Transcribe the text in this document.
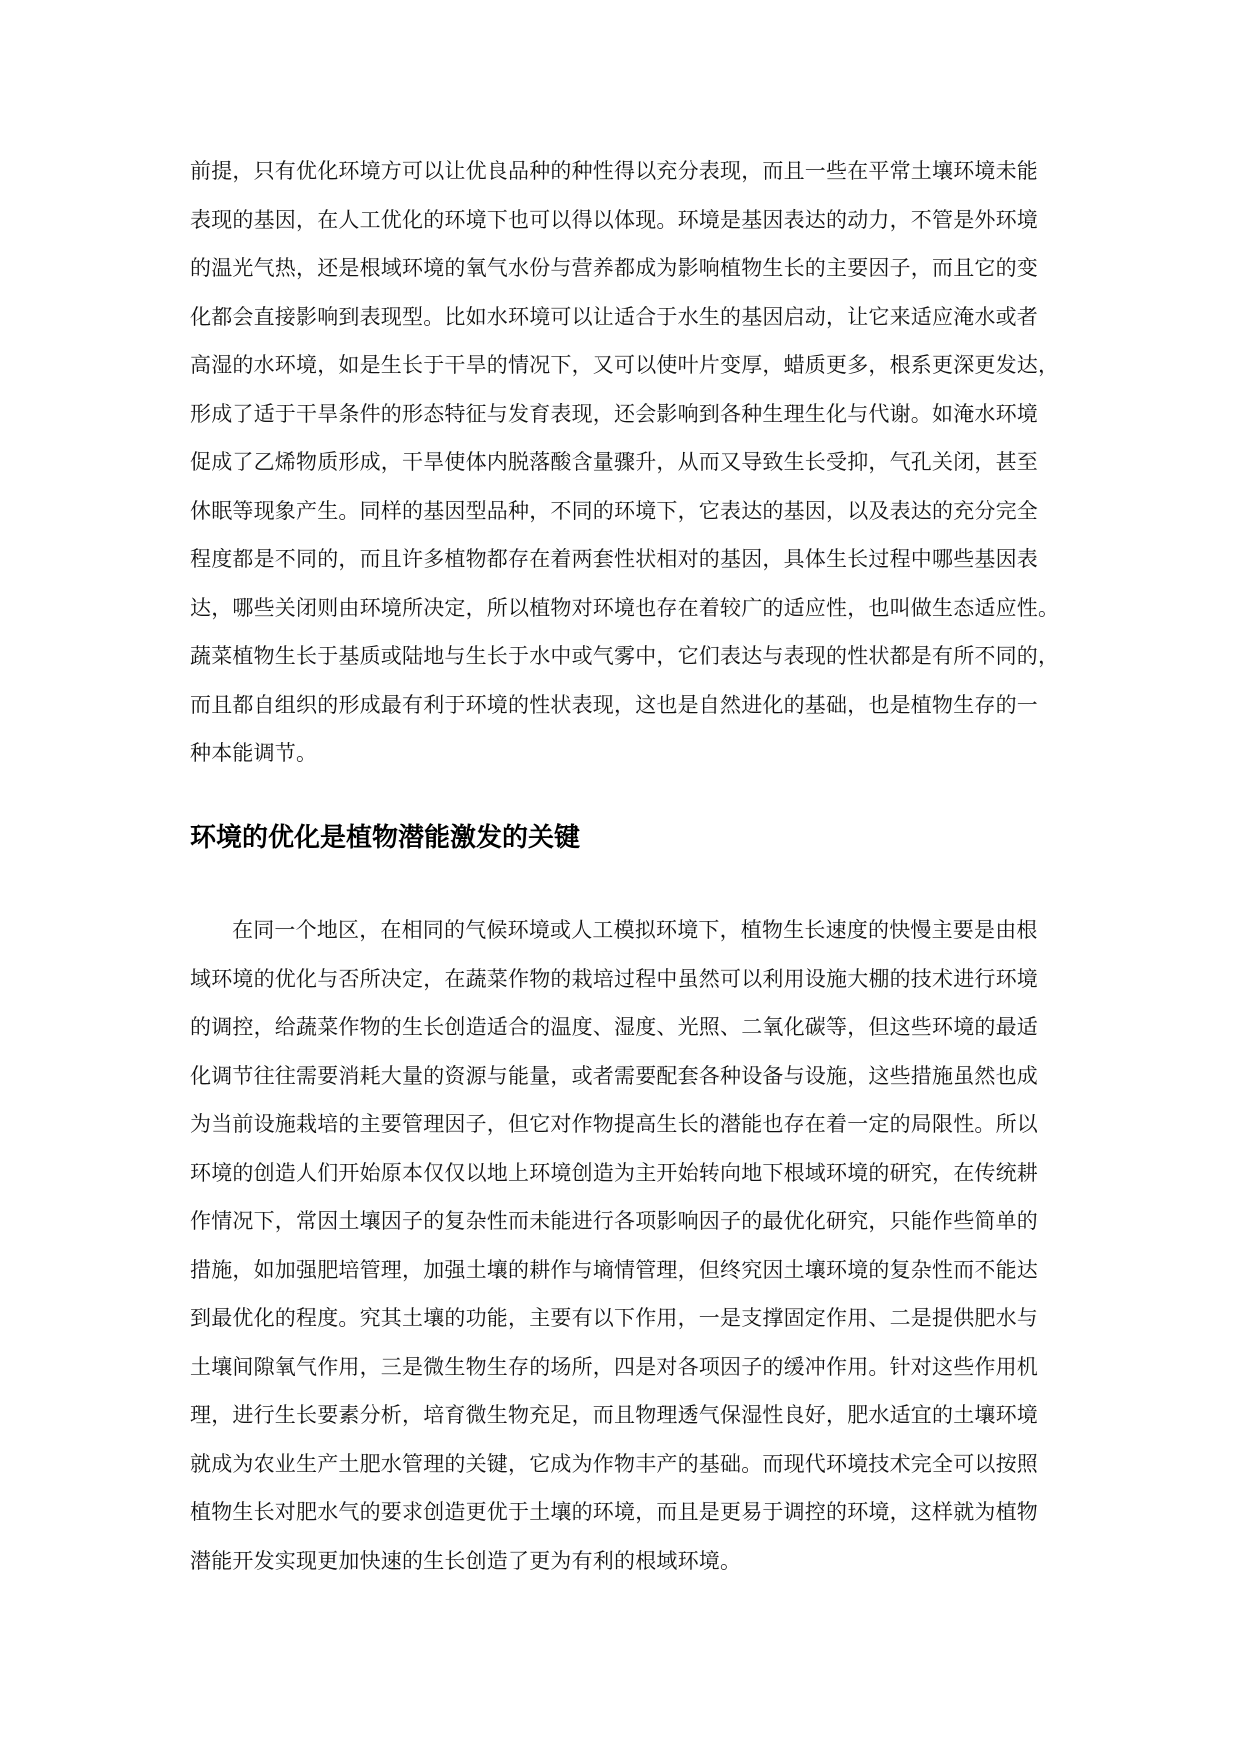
前提，只有优化环境方可以让优良品种的种性得以充分表现，而且一些在平常土壤环境未能
表现的基因，在人工优化的环境下也可以得以体现。环境是基因表达的动力，不管是外环境
的温光气热，还是根域环境的氧气水份与营养都成为影响植物生长的主要因子，而且它的变
化都会直接影响到表现型。比如水环境可以让适合于水生的基因启动，让它来适应淹水或者
高湿的水环境，如是生长于干旱的情况下，又可以使叶片变厚，蜡质更多，根系更深更发达，
形成了适于干旱条件的形态特征与发育表现，还会影响到各种生理生化与代谢。如淹水环境
促成了乙烯物质形成，干旱使体内脱落酸含量骤升，从而又导致生长受抑，气孔关闭，甚至
休眠等现象产生。同样的基因型品种，不同的环境下，它表达的基因，以及表达的充分完全
程度都是不同的，而且许多植物都存在着两套性状相对的基因，具体生长过程中哪些基因表
达，哪些关闭则由环境所决定，所以植物对环境也存在着较广的适应性，也叫做生态适应性。
蔬菜植物生长于基质或陆地与生长于水中或气雾中，它们表达与表现的性状都是有所不同的，
而且都自组织的形成最有利于环境的性状表现，这也是自然进化的基础，也是植物生存的一
种本能调节。
环境的优化是植物潜能激发的关键
在同一个地区，在相同的气候环境或人工模拟环境下，植物生长速度的快慢主要是由根
域环境的优化与否所决定，在蔬菜作物的栽培过程中虽然可以利用设施大棚的技术进行环境
的调控，给蔬菜作物的生长创造适合的温度、湿度、光照、二氧化碳等，但这些环境的最适
化调节往往需要消耗大量的资源与能量，或者需要配套各种设备与设施，这些措施虽然也成
为当前设施栽培的主要管理因子，但它对作物提高生长的潜能也存在着一定的局限性。所以
环境的创造人们开始原本仅仅以地上环境创造为主开始转向地下根域环境的研究，在传统耕
作情况下，常因土壤因子的复杂性而未能进行各项影响因子的最优化研究，只能作些简单的
措施，如加强肥培管理，加强土壤的耕作与墒情管理，但终究因土壤环境的复杂性而不能达
到最优化的程度。究其土壤的功能，主要有以下作用，一是支撑固定作用、二是提供肥水与
土壤间隙氧气作用，三是微生物生存的场所，四是对各项因子的缓冲作用。针对这些作用机
理，进行生长要素分析，培育微生物充足，而且物理透气保湿性良好，肥水适宜的土壤环境
就成为农业生产土肥水管理的关键，它成为作物丰产的基础。而现代环境技术完全可以按照
植物生长对肥水气的要求创造更优于土壤的环境，而且是更易于调控的环境，这样就为植物
潜能开发实现更加快速的生长创造了更为有利的根域环境。
